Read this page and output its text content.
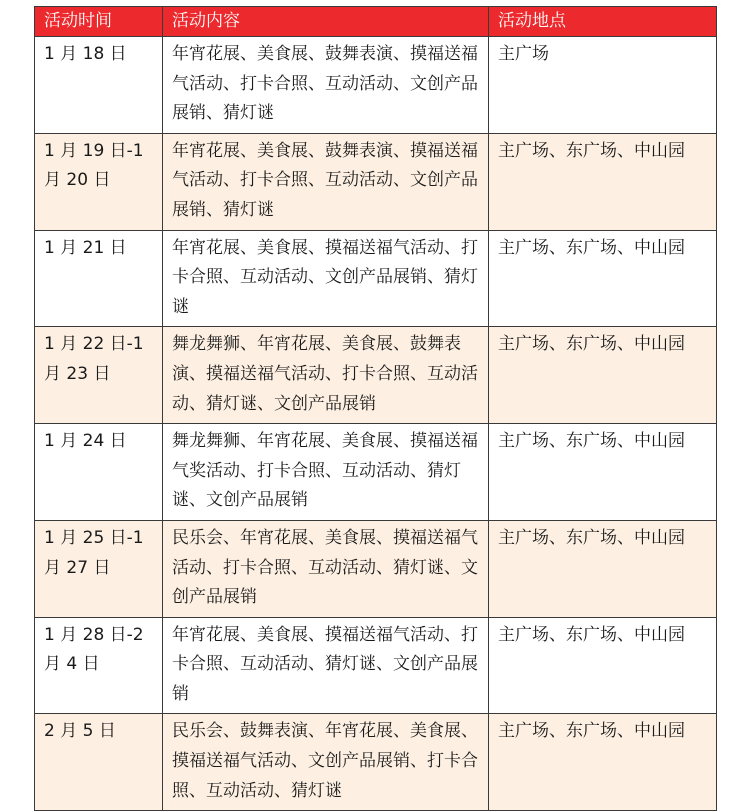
活动时间	活动内容	活动地点
1 月 18 日	年宵花展、美食展、鼓舞表演、摸福送福气活动、打卡合照、互动活动、文创产品展销、猜灯谜	主广场
1 月 19 日-1 月 20 日	年宵花展、美食展、鼓舞表演、摸福送福气活动、打卡合照、互动活动、文创产品展销、猜灯谜	主广场、东广场、中山园
1 月 21 日	年宵花展、美食展、摸福送福气活动、打卡合照、互动活动、文创产品展销、猜灯谜	主广场、东广场、中山园
1 月 22 日-1 月 23 日	舞龙舞狮、年宵花展、美食展、鼓舞表演、摸福送福气活动、打卡合照、互动活动、猜灯谜、文创产品展销	主广场、东广场、中山园
1 月 24 日	舞龙舞狮、年宵花展、美食展、摸福送福气奖活动、打卡合照、互动活动、猜灯谜、文创产品展销	主广场、东广场、中山园
1 月 25 日-1 月 27 日	民乐会、年宵花展、美食展、摸福送福气活动、打卡合照、互动活动、猜灯谜、文创产品展销	主广场、东广场、中山园
1 月 28 日-2 月 4 日	年宵花展、美食展、摸福送福气活动、打卡合照、互动活动、猜灯谜、文创产品展销	主广场、东广场、中山园
2 月 5 日	民乐会、鼓舞表演、年宵花展、美食展、摸福送福气活动、文创产品展销、打卡合照、互动活动、猜灯谜	主广场、东广场、中山园
